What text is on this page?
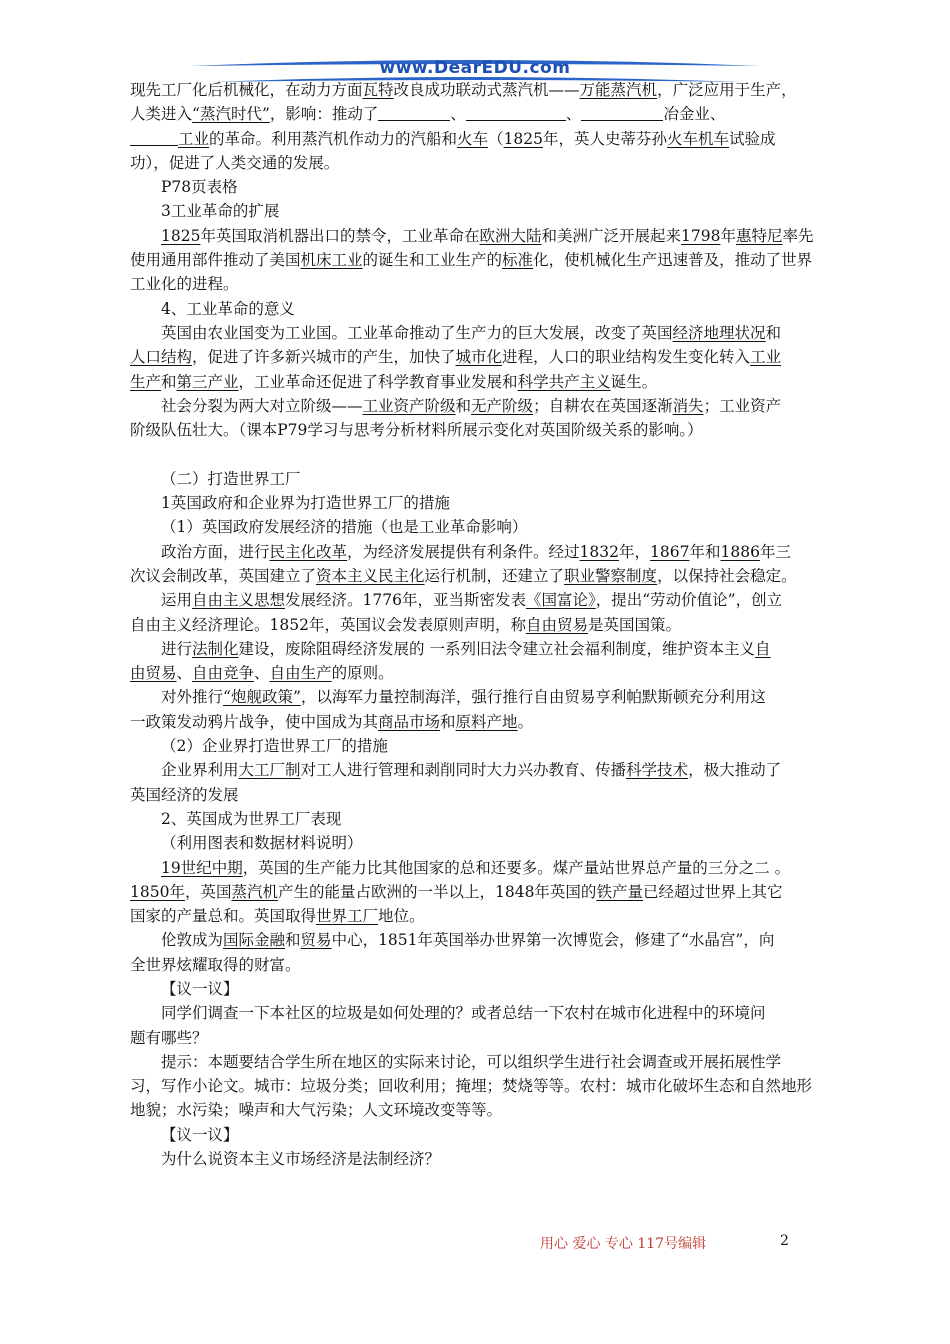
www.DearEDU.com
现先工厂化后机械化，在动力方面瓦特改良成功联动式蒸汽机——万能蒸汽机，广泛应用于生产，
人类进入“蒸汽时代”，影响：推动了	、	、	冶金业、
工业的革命。利用蒸汽机作动力的汽船和火车（1825年，英人史蒂芬孙火车机车试验成
功），促进了人类交通的发展。
P78页表格
3工业革命的扩展
1825年英国取消机器出口的禁令，工业革命在欧洲大陆和美洲广泛开展起来1798年惠特尼率先
使用通用部件推动了美国机床工业的诞生和工业生产的标准化，使机械化生产迅速普及，推动了世界
工业化的进程。
4、工业革命的意义
英国由农业国变为工业国。工业革命推动了生产力的巨大发展，改变了英国经济地理状况和
人口结构，促进了许多新兴城市的产生，加快了城市化进程，人口的职业结构发生变化转入工业
生产和第三产业，工业革命还促进了科学教育事业发展和科学共产主义诞生。
社会分裂为两大对立阶级——工业资产阶级和无产阶级；自耕农在英国逐渐消失；工业资产
阶级队伍壮大。（课本P79学习与思考分析材料所展示变化对英国阶级关系的影响。）
（二）打造世界工厂
1英国政府和企业界为打造世界工厂的措施
（1）英国政府发展经济的措施（也是工业革命影响）
政治方面，进行民主化改革，为经济发展提供有利条件。经过1832年，1867年和1886年三
次议会制改革，英国建立了资本主义民主化运行机制，还建立了职业警察制度，以保持社会稳定。
运用自由主义思想发展经济。1776年，亚当斯密发表《国富论》，提出“劳动价值论”，创立
自由主义经济理论。1852年，英国议会发表原则声明，称自由贸易是英国国策。
进行法制化建设，废除阻碍经济发展的 一系列旧法令建立社会福利制度，维护资本主义自
由贸易、自由竞争、自由生产的原则。
对外推行“炮舰政策”，以海军力量控制海洋，强行推行自由贸易亨利帕默斯顿充分利用这
一政策发动鸦片战争，使中国成为其商品市场和原料产地。
（2）企业界打造世界工厂的措施
企业界利用大工厂制对工人进行管理和剥削同时大力兴办教育、传播科学技术，极大推动了
英国经济的发展
2、英国成为世界工厂表现
（利用图表和数据材料说明）
19世纪中期，英国的生产能力比其他国家的总和还要多。煤产量站世界总产量的三分之二 。
1850年，英国蒸汽机产生的能量占欧洲的一半以上，1848年英国的铁产量已经超过世界上其它
国家的产量总和。英国取得世界工厂地位。
伦敦成为国际金融和贸易中心，1851年英国举办世界第一次博览会，修建了“水晶宫”，向
全世界炫耀取得的财富。
【议一议】
同学们调查一下本社区的垃圾是如何处理的？或者总结一下农村在城市化进程中的环境问
题有哪些？
提示：本题要结合学生所在地区的实际来讨论，可以组织学生进行社会调查或开展拓展性学
习，写作小论文。城市：垃圾分类；回收利用；掩埋；焚烧等等。农村：城市化破坏生态和自然地形
地貌；水污染；噪声和大气污染；人文环境改变等等。
【议一议】
为什么说资本主义市场经济是法制经济？
用心 爱心 专心 117号编辑	2
